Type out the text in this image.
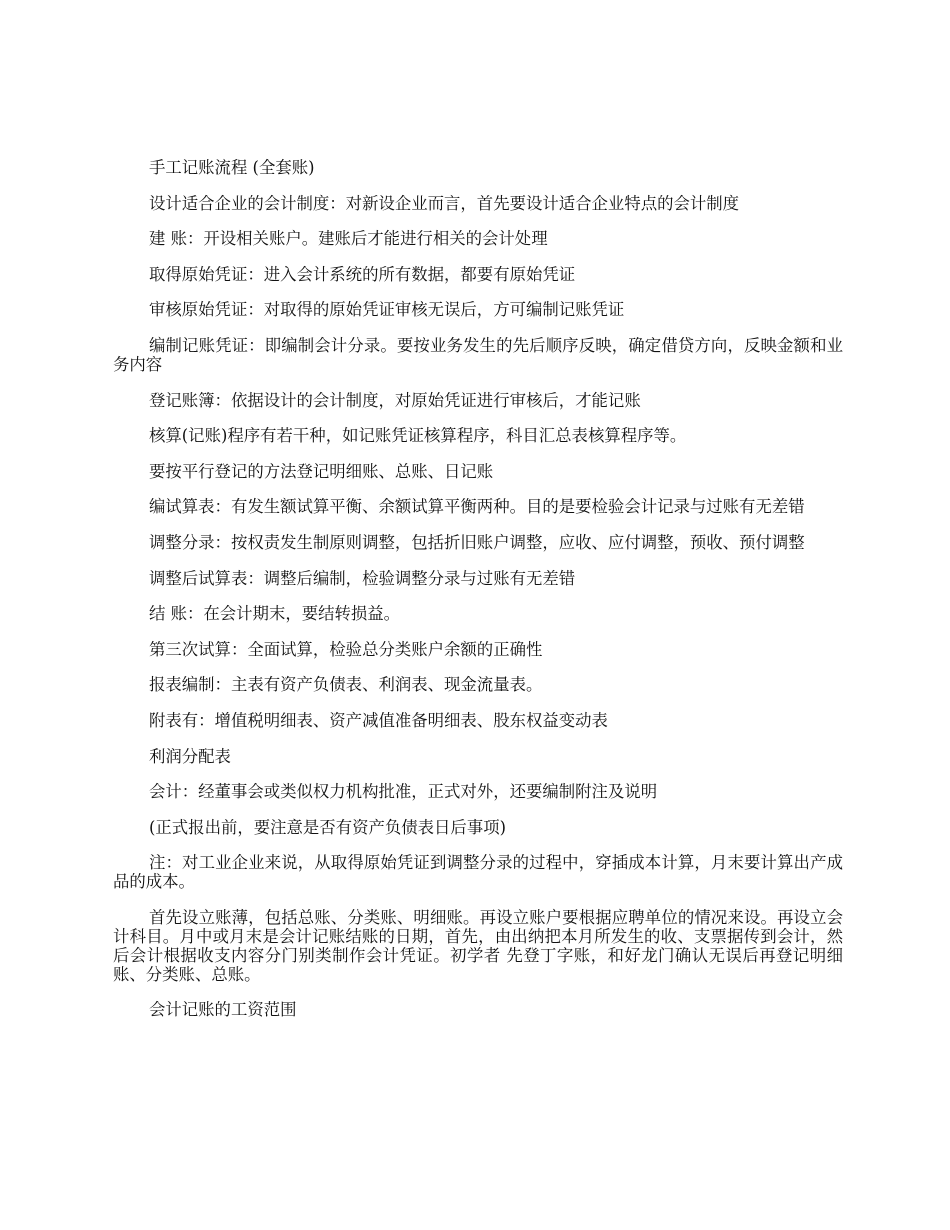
手工记账流程 (全套账)

设计适合企业的会计制度：对新设企业而言，首先要设计适合企业特点的会计制度

建 账：开设相关账户。建账后才能进行相关的会计处理

取得原始凭证：进入会计系统的所有数据，都要有原始凭证

审核原始凭证：对取得的原始凭证审核无误后，方可编制记账凭证

编制记账凭证：即编制会计分录。要按业务发生的先后顺序反映，确定借贷方向，反映金额和业务内容

登记账簿：依据设计的会计制度，对原始凭证进行审核后，才能记账

核算(记账)程序有若干种，如记账凭证核算程序，科目汇总表核算程序等。

要按平行登记的方法登记明细账、总账、日记账

编试算表：有发生额试算平衡、余额试算平衡两种。目的是要检验会计记录与过账有无差错

调整分录：按权责发生制原则调整，包括折旧账户调整，应收、应付调整，预收、预付调整

调整后试算表：调整后编制，检验调整分录与过账有无差错

结 账：在会计期末，要结转损益。

第三次试算：全面试算，检验总分类账户余额的正确性

报表编制：主表有资产负债表、利润表、现金流量表。

附表有：增值税明细表、资产减值准备明细表、股东权益变动表

利润分配表

会计：经董事会或类似权力机构批准，正式对外，还要编制附注及说明

(正式报出前，要注意是否有资产负债表日后事项)

注：对工业企业来说，从取得原始凭证到调整分录的过程中，穿插成本计算，月末要计算出产成品的成本。

首先设立账薄，包括总账、分类账、明细账。再设立账户要根据应聘单位的情况来设。再设立会计科目。月中或月末是会计记账结账的日期，首先，由出纳把本月所发生的收、支票据传到会计，然后会计根据收支内容分门别类制作会计凭证。初学者 先登丁字账，和好龙门确认无误后再登记明细账、分类账、总账。

会计记账的工资范围
